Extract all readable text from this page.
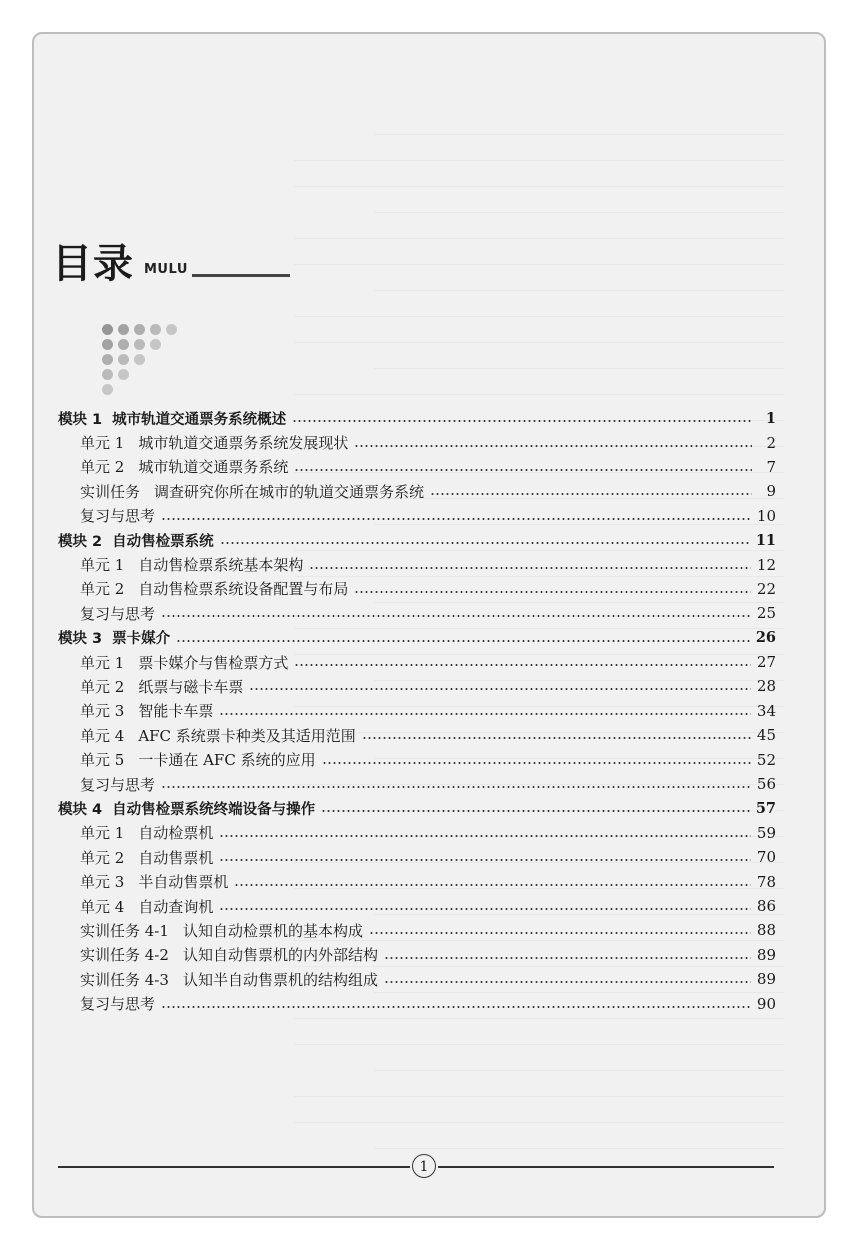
目录 MULU
模块 1 城市轨道交通票务系统概述	1
单元 1 城市轨道交通票务系统发展现状	2
单元 2 城市轨道交通票务系统	7
实训任务 调查研究你所在城市的轨道交通票务系统	9
复习与思考	10
模块 2 自动售检票系统	11
单元 1 自动售检票系统基本架构	12
单元 2 自动售检票系统设备配置与布局	22
复习与思考	25
模块 3 票卡媒介	26
单元 1 票卡媒介与售检票方式	27
单元 2 纸票与磁卡车票	28
单元 3 智能卡车票	34
单元 4 AFC 系统票卡种类及其适用范围	45
单元 5 一卡通在 AFC 系统的应用	52
复习与思考	56
模块 4 自动售检票系统终端设备与操作	57
单元 1 自动检票机	59
单元 2 自动售票机	70
单元 3 半自动售票机	78
单元 4 自动查询机	86
实训任务 4-1 认知自动检票机的基本构成	88
实训任务 4-2 认知自动售票机的内外部结构	89
实训任务 4-3 认知半自动售票机的结构组成	89
复习与思考	90
1
